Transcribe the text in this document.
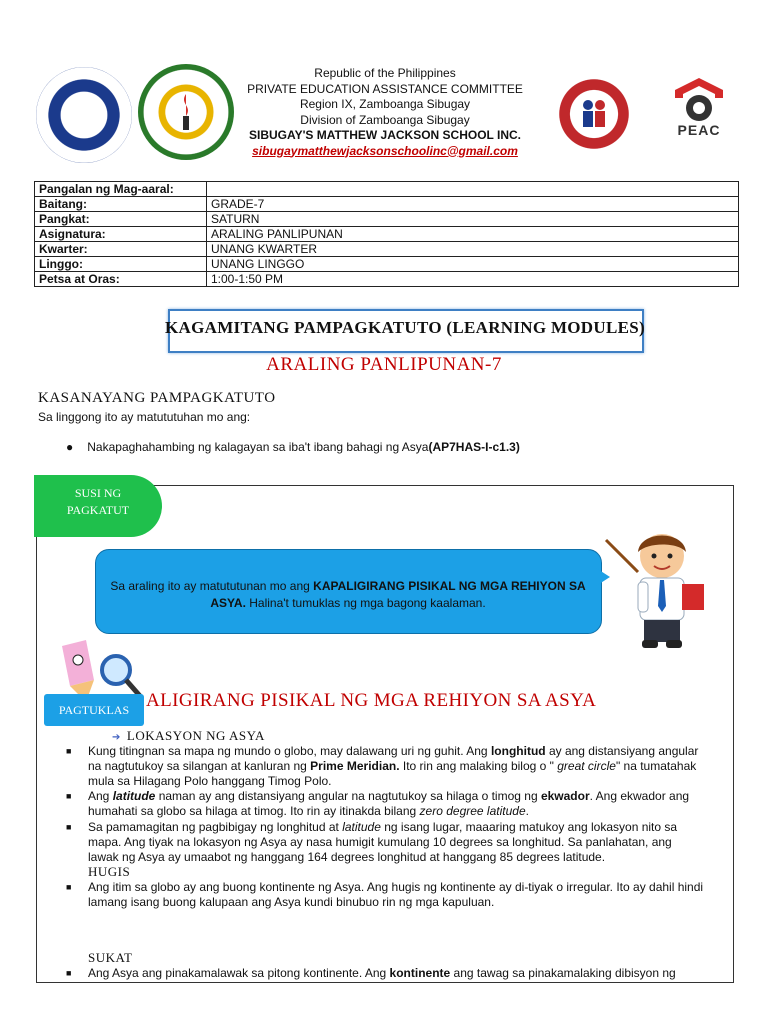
PEAC
Republic of the Philippines
PRIVATE EDUCATION ASSISTANCE COMMITTEE
Region IX, Zamboanga Sibugay
Division of Zamboanga Sibugay
SIBUGAY'S MATTHEW JACKSON SCHOOL INC.
sibugaymatthewjacksonschoolinc@gmail.com
Pangalan ng Mag-aaral:	
Baitang:	GRADE-7
Pangkat:	SATURN
Asignatura:	ARALING PANLIPUNAN
Kwarter:	UNANG KWARTER
Linggo:	UNANG LINGGO
Petsa at Oras:	1:00-1:50 PM
KAGAMITANG PAMPAGKATUTO (LEARNING MODULES)
ARALING PANLIPUNAN-7
KASANAYANG PAMPAGKATUTO
Sa linggong ito ay matututuhan mo ang:
● Nakapaghahambing ng kalagayan sa iba't ibang bahagi ng Asya(AP7HAS-I-c1.3)
SUSI NG
PAGKATUT
Sa araling ito ay matututunan mo ang KAPALIGIRANG PISIKAL NG MGA REHIYON SA ASYA. Halina't tumuklas ng mga bagong kaalaman.
PAGTUKLAS ALIGIRANG PISIKAL NG MGA REHIYON SA ASYA
➔ LOKASYON NG ASYA
■ Kung titingnan sa mapa ng mundo o globo, may dalawang uri ng guhit. Ang longhitud ay ang distansiyang angular
na nagtutukoy sa silangan at kanluran ng Prime Meridian. Ito rin ang malaking bilog o " great circle" na tumatahak
mula sa Hilagang Polo hanggang Timog Polo.
■ Ang latitude naman ay ang distansiyang angular na nagtutukoy sa hilaga o timog ng ekwador. Ang ekwador ang
humahati sa globo sa hilaga at timog. Ito rin ay itinakda bilang zero degree latitude.
■ Sa pamamagitan ng pagbibigay ng longhitud at latitude ng isang lugar, maaaring matukoy ang lokasyon nito sa
mapa. Ang tiyak na lokasyon ng Asya ay nasa humigit kumulang 10 degrees sa longhitud. Sa panlahatan, ang
lawak ng Asya ay umaabot ng hanggang 164 degrees longhitud at hanggang 85 degrees latitude.
HUGIS
■ Ang itim sa globo ay ang buong kontinente ng Asya. Ang hugis ng kontinente ay di-tiyak o irregular. Ito ay dahil hindi
lamang isang buong kalupaan ang Asya kundi binubuo rin ng mga kapuluan.
SUKAT
■ Ang Asya ang pinakamalawak sa pitong kontinente. Ang kontinente ang tawag sa pinakamalaking dibisyon ng
